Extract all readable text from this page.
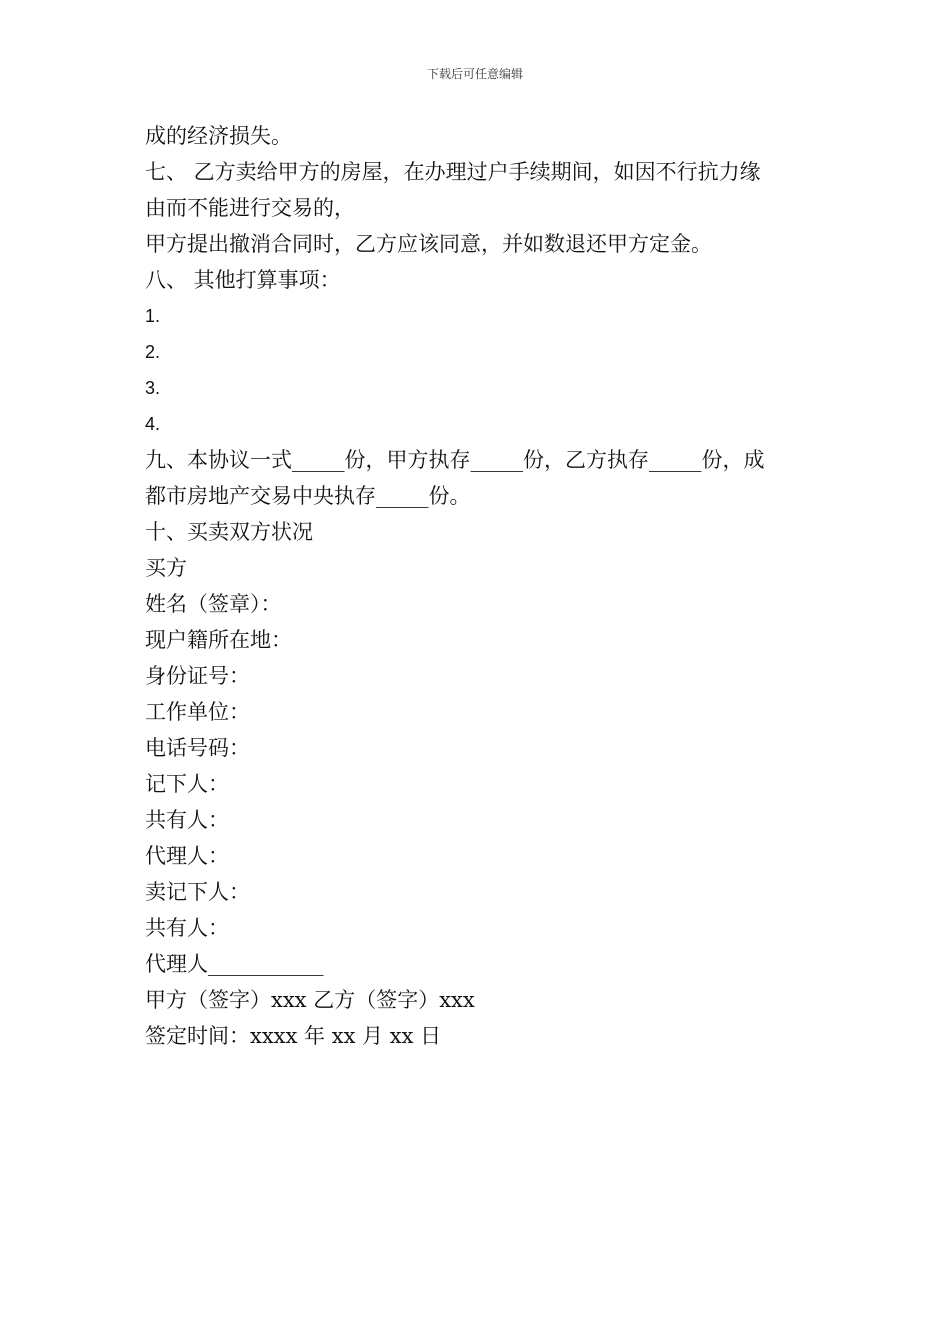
下载后可任意编辑
成的经济损失。
七、 乙方卖给甲方的房屋，在办理过户手续期间，如因不行抗力缘
由而不能进行交易的，
甲方提出撤消合同时，乙方应该同意，并如数退还甲方定金。
八、 其他打算事项：
1.
2.
3.
4.
九、本协议一式_____份，甲方执存_____份，乙方执存_____份，成
都市房地产交易中央执存_____份。
十、买卖双方状况
买方
姓名（签章）：
现户籍所在地：
身份证号：
工作单位：
电话号码：
记下人：
共有人：
代理人：
卖记下人：
共有人：
代理人___________
甲方（签字）xxx 乙方（签字）xxx
签定时间：xxxx 年 xx 月 xx 日
